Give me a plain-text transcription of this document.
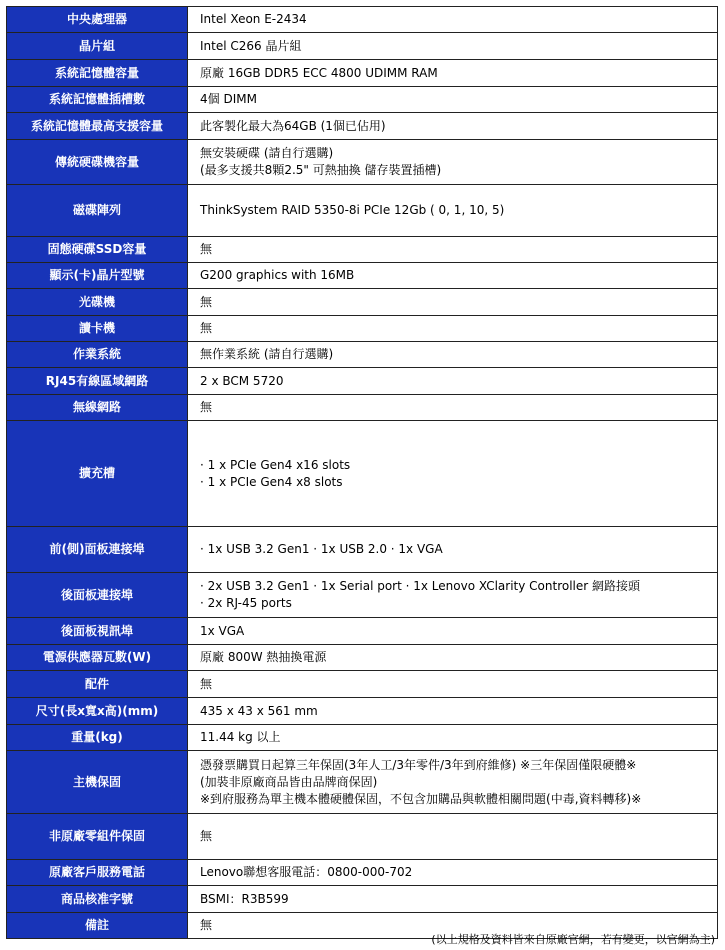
中央處理器	Intel Xeon E-2434

晶片組	Intel C266 晶片組

系統記憶體容量	原廠 16GB DDR5 ECC 4800 UDIMM RAM

系統記憶體插槽數	4個 DIMM

系統記憶體最高支援容量	此客製化最大為64GB (1個已佔用)

傳統硬碟機容量	無安裝硬碟 (請自行選購)
(最多支援共8顆2.5" 可熱抽換 儲存裝置插槽)

磁碟陣列	ThinkSystem RAID 5350-8i PCIe 12Gb ( 0, 1, 10, 5)

固態硬碟SSD容量	無

顯示(卡)晶片型號	G200 graphics with 16MB

光碟機	無

讀卡機	無

作業系統	無作業系統 (請自行選購)

RJ45有線區域網路	2 x BCM 5720

無線網路	無

擴充槽	· 1 x PCIe Gen4 x16 slots
· 1 x PCIe Gen4 x8 slots

前(側)面板連接埠	· 1x USB 3.2 Gen1 · 1x USB 2.0 · 1x VGA

後面板連接埠	· 2x USB 3.2 Gen1 · 1x Serial port · 1x Lenovo XClarity Controller 網路接頭
· 2x RJ-45 ports

後面板視訊埠	1x VGA

電源供應器瓦數(W)	原廠 800W 熱抽換電源

配件	無

尺寸(長x寬x高)(mm)	435 x 43 x 561 mm

重量(kg)	11.44 kg 以上

主機保固	憑發票購買日起算三年保固(3年人工/3年零件/3年到府維修) ※三年保固僅限硬體※
(加裝非原廠商品皆由品牌商保固)
※到府服務為單主機本體硬體保固，不包含加購品與軟體相關問題(中毒,資料轉移)※

非原廠零組件保固	無

原廠客戶服務電話	Lenovo聯想客服電話：0800-000-702

商品核准字號	BSMI：R3B599

備註	無
(以上規格及資料皆來自原廠官網，若有變更，以官網為主)
